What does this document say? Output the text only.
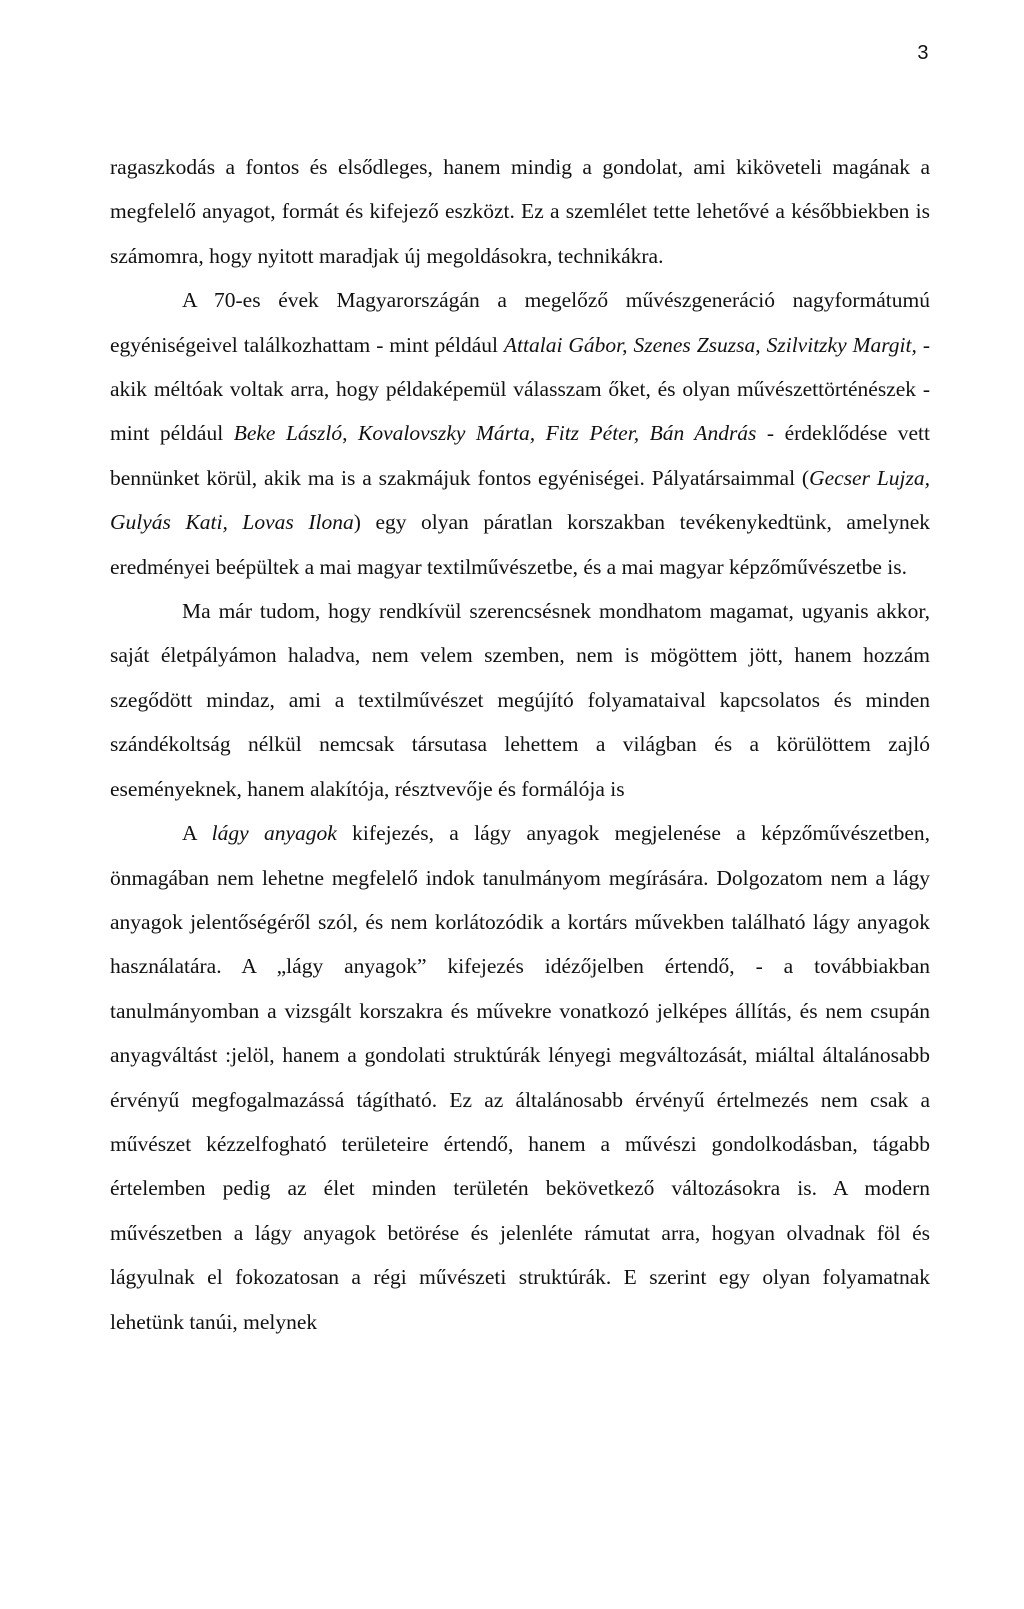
3

ragaszkodás a fontos és elsődleges, hanem mindig a gondolat, ami kiköveteli magának a megfelelő anyagot, formát és kifejező eszközt. Ez a szemlélet tette lehetővé a későbbiekben is számomra, hogy nyitott maradjak új megoldásokra, technikákra.

A 70-es évek Magyarországán a megelőző művészgeneráció nagyformátumú egyéniségeivel találkozhattam - mint például Attalai Gábor, Szenes Zsuzsa, Szilvitzky Margit, - akik méltóak voltak arra, hogy példaképemül válasszam őket, és olyan művészettörténészek - mint például Beke László, Kovalovszky Márta, Fitz Péter, Bán András - érdeklődése vett bennünket körül, akik ma is a szakmájuk fontos egyéniségei. Pályatársaimmal (Gecser Lujza, Gulyás Kati, Lovas Ilona) egy olyan páratlan korszakban tevékenykedtünk, amelynek eredményei beépültek a mai magyar textilművészetbe, és a mai magyar képzőművészetbe is.

Ma már tudom, hogy rendkívül szerencsésnek mondhatom magamat, ugyanis akkor, saját életpályámon haladva, nem velem szemben, nem is mögöttem jött, hanem hozzám szegődött mindaz, ami a textilművészet megújító folyamataival kapcsolatos és minden szándékoltság nélkül nemcsak társutasa lehettem a világban és a körülöttem zajló eseményeknek, hanem alakítója, résztvevője és formálója is

A lágy anyagok kifejezés, a lágy anyagok megjelenése a képzőművészetben, önmagában nem lehetne megfelelő indok tanulmányom megírására. Dolgozatom nem a lágy anyagok jelentőségéről szól, és nem korlátozódik a kortárs művekben található lágy anyagok használatára. A „lágy anyagok” kifejezés idézőjelben értendő, - a továbbiakban tanulmányomban a vizsgált korszakra és művekre vonatkozó jelképes állítás, és nem csupán anyagváltást :jelöl, hanem a gondolati struktúrák lényegi megváltozását, miáltal általánosabb érvényű megfogalmazássá tágítható. Ez az általánosabb érvényű értelmezés nem csak a művészet kézzelfogható területeire értendő, hanem a művészi gondolkodásban, tágabb értelemben pedig az élet minden területén bekövetkező változásokra is. A modern művészetben a lágy anyagok betörése és jelenléte rámutat arra, hogyan olvadnak föl és lágyulnak el fokozatosan a régi művészeti struktúrák. E szerint egy olyan folyamatnak lehetünk tanúi, melynek
